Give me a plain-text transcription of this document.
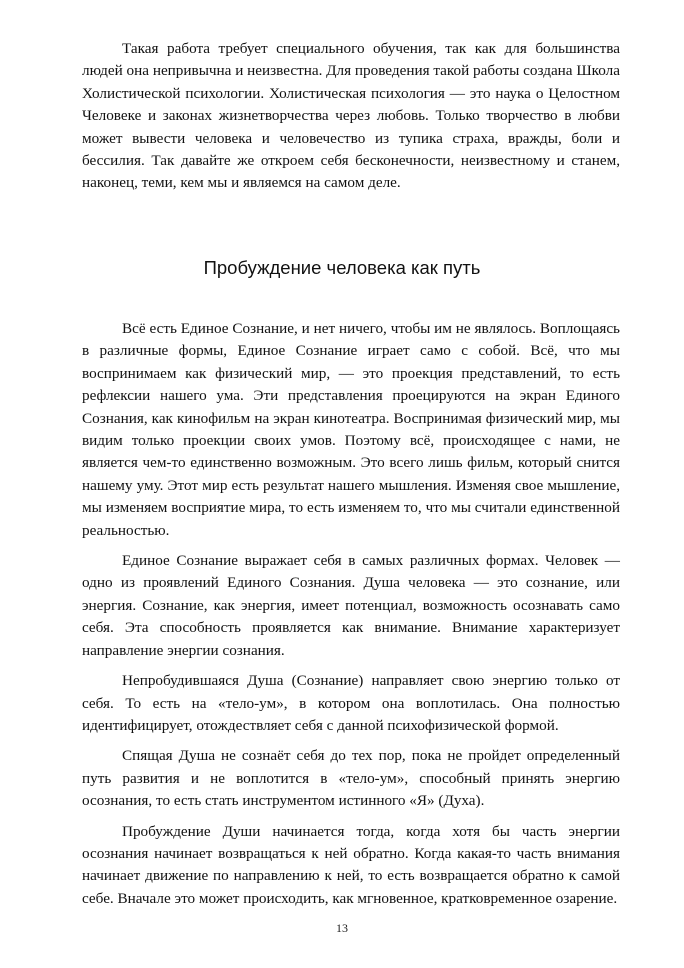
Такая работа требует специального обучения, так как для большинства людей она непривычна и неизвестна. Для проведения такой работы создана Школа Холистической психологии. Холистическая психология — это наука о Целостном Человеке и законах жизнетворчества через любовь. Только творчество в любви может вывести человека и человечество из тупика страха, вражды, боли и бессилия. Так давайте же откроем себя бесконечности, неизвестному и станем, наконец, теми, кем мы и являемся на самом деле.

Пробуждение человека как путь

Всё есть Единое Сознание, и нет ничего, чтобы им не являлось. Воплощаясь в различные формы, Единое Сознание играет само с собой. Всё, что мы воспринимаем как физический мир, — это проекция представлений, то есть рефлексии нашего ума. Эти представления проецируются на экран Единого Сознания, как кинофильм на экран кинотеатра. Воспринимая физический мир, мы видим только проекции своих умов. Поэтому всё, происходящее с нами, не является чем-то единственно возможным. Это всего лишь фильм, который снится нашему уму. Этот мир есть результат нашего мышления. Изменяя свое мышление, мы изменяем восприятие мира, то есть изменяем то, что мы считали единственной реальностью.

Единое Сознание выражает себя в самых различных формах. Человек — одно из проявлений Единого Сознания. Душа человека — это сознание, или энергия. Сознание, как энергия, имеет потенциал, возможность осознавать само себя. Эта способность проявляется как внимание. Внимание характеризует направление энергии сознания.

Непробудившаяся Душа (Сознание) направляет свою энергию только от себя. То есть на «тело-ум», в котором она воплотилась. Она полностью идентифицирует, отождествляет себя с данной психофизической формой.

Спящая Душа не сознаёт себя до тех пор, пока не пройдет определенный путь развития и не воплотится в «тело-ум», способный принять энергию осознания, то есть стать инструментом истинного «Я» (Духа).

Пробуждение Души начинается тогда, когда хотя бы часть энергии осознания начинает возвращаться к ней обратно. Когда какая-то часть внимания начинает движение по направлению к ней, то есть возвращается обратно к самой себе. Вначале это может происходить, как мгновенное, кратковременное озарение.

13
